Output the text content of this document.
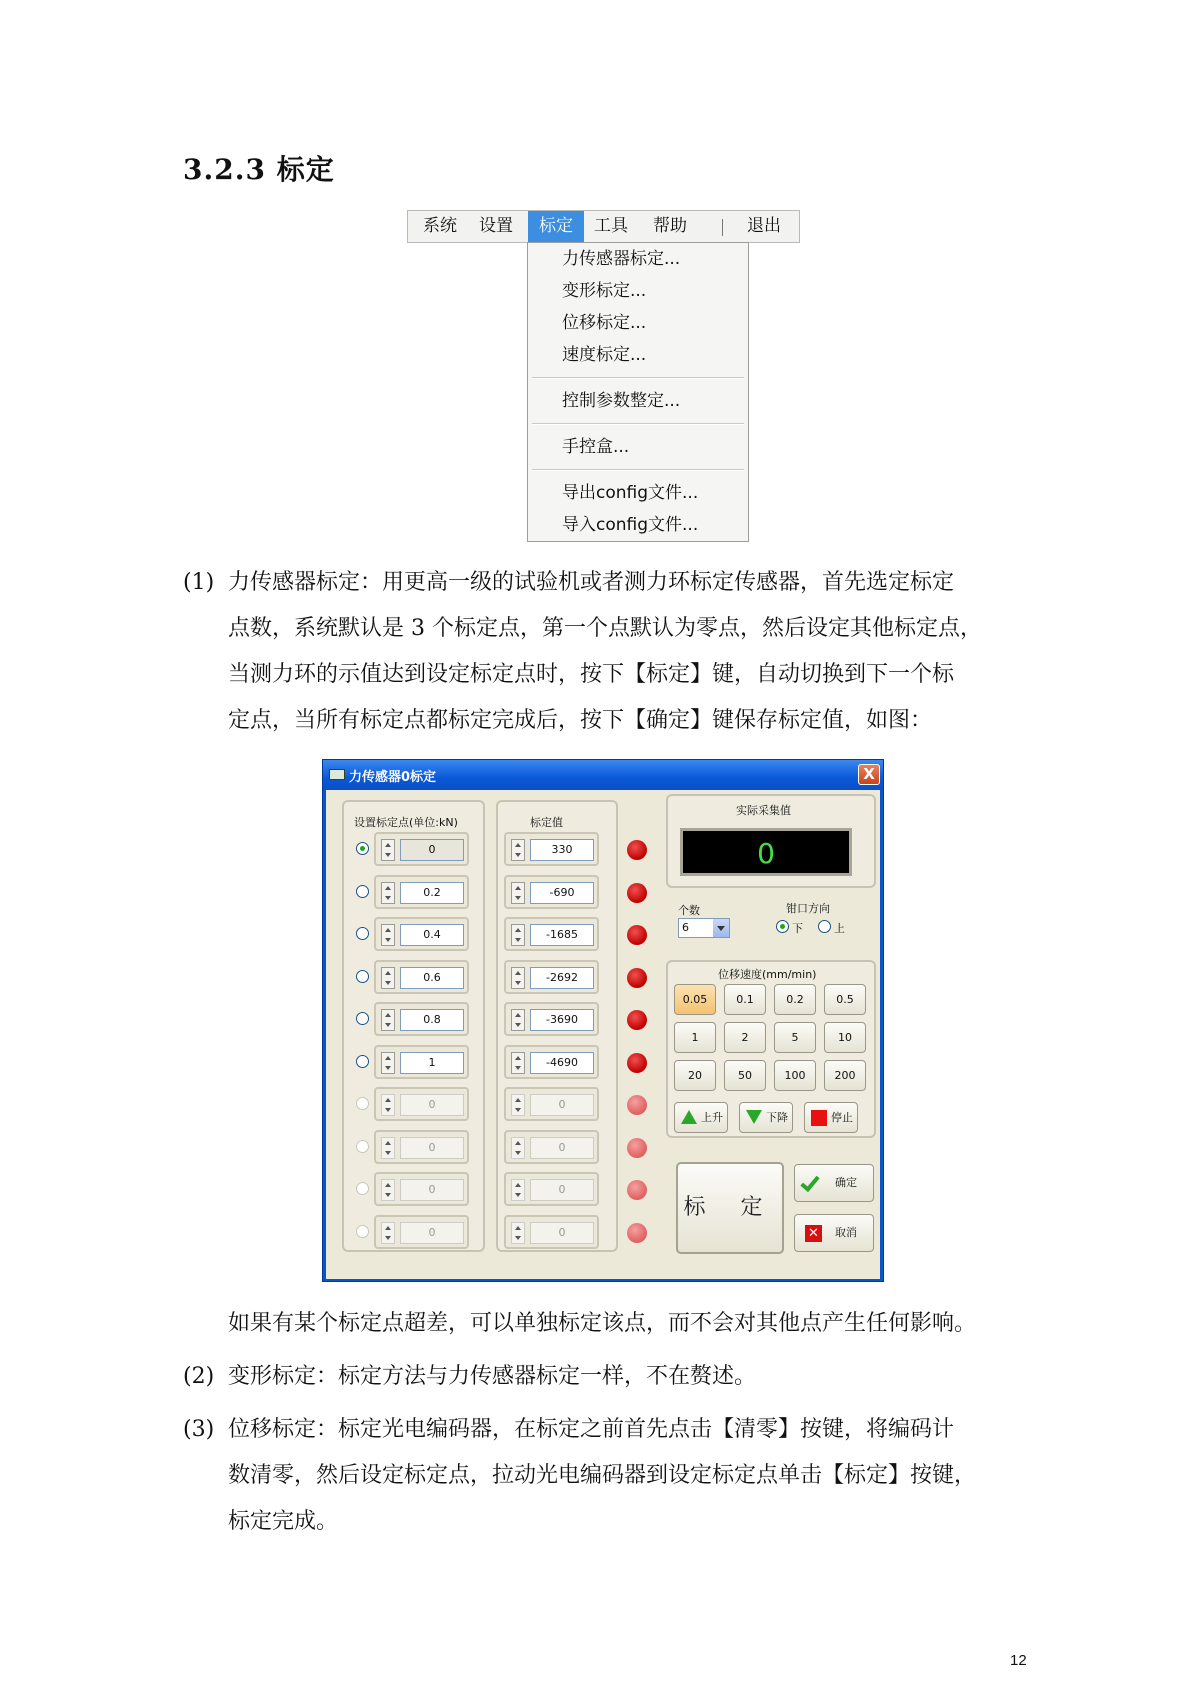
3.2.3 标定
系统	设置	标定	工具	帮助	退出
力传感器标定...
变形标定...
位移标定...
速度标定...
控制参数整定...
手控盒...
导出config文件...
导入config文件...
(1) 力传感器标定：用更高一级的试验机或者测力环标定传感器，首先选定标定
点数，系统默认是 3 个标定点，第一个点默认为零点，然后设定其他标定点，
当测力环的示值达到设定标定点时，按下【标定】键，自动切换到下一个标
定点，当所有标定点都标定完成后，按下【确定】键保存标定值，如图：
力传感器0标定	X
设置标定点(单位:kN)	标定值
0	330
0.2	-690
0.4	-1685
0.6	-2692
0.8	-3690
1	-4690
0	0
0	0
0	0
0	0
实际采集值
0
个数
6
钳口方向
下	上
位移速度(mm/min)
0.05	0.1	0.2	0.5
1	2	5	10
20	50	100	200
上升	下降	停止
标 定
确定
✕ 取消
如果有某个标定点超差，可以单独标定该点，而不会对其他点产生任何影响。
(2) 变形标定：标定方法与力传感器标定一样，不在赘述。
(3) 位移标定：标定光电编码器，在标定之前首先点击【清零】按键，将编码计
数清零，然后设定标定点，拉动光电编码器到设定标定点单击【标定】按键，
标定完成。
12
